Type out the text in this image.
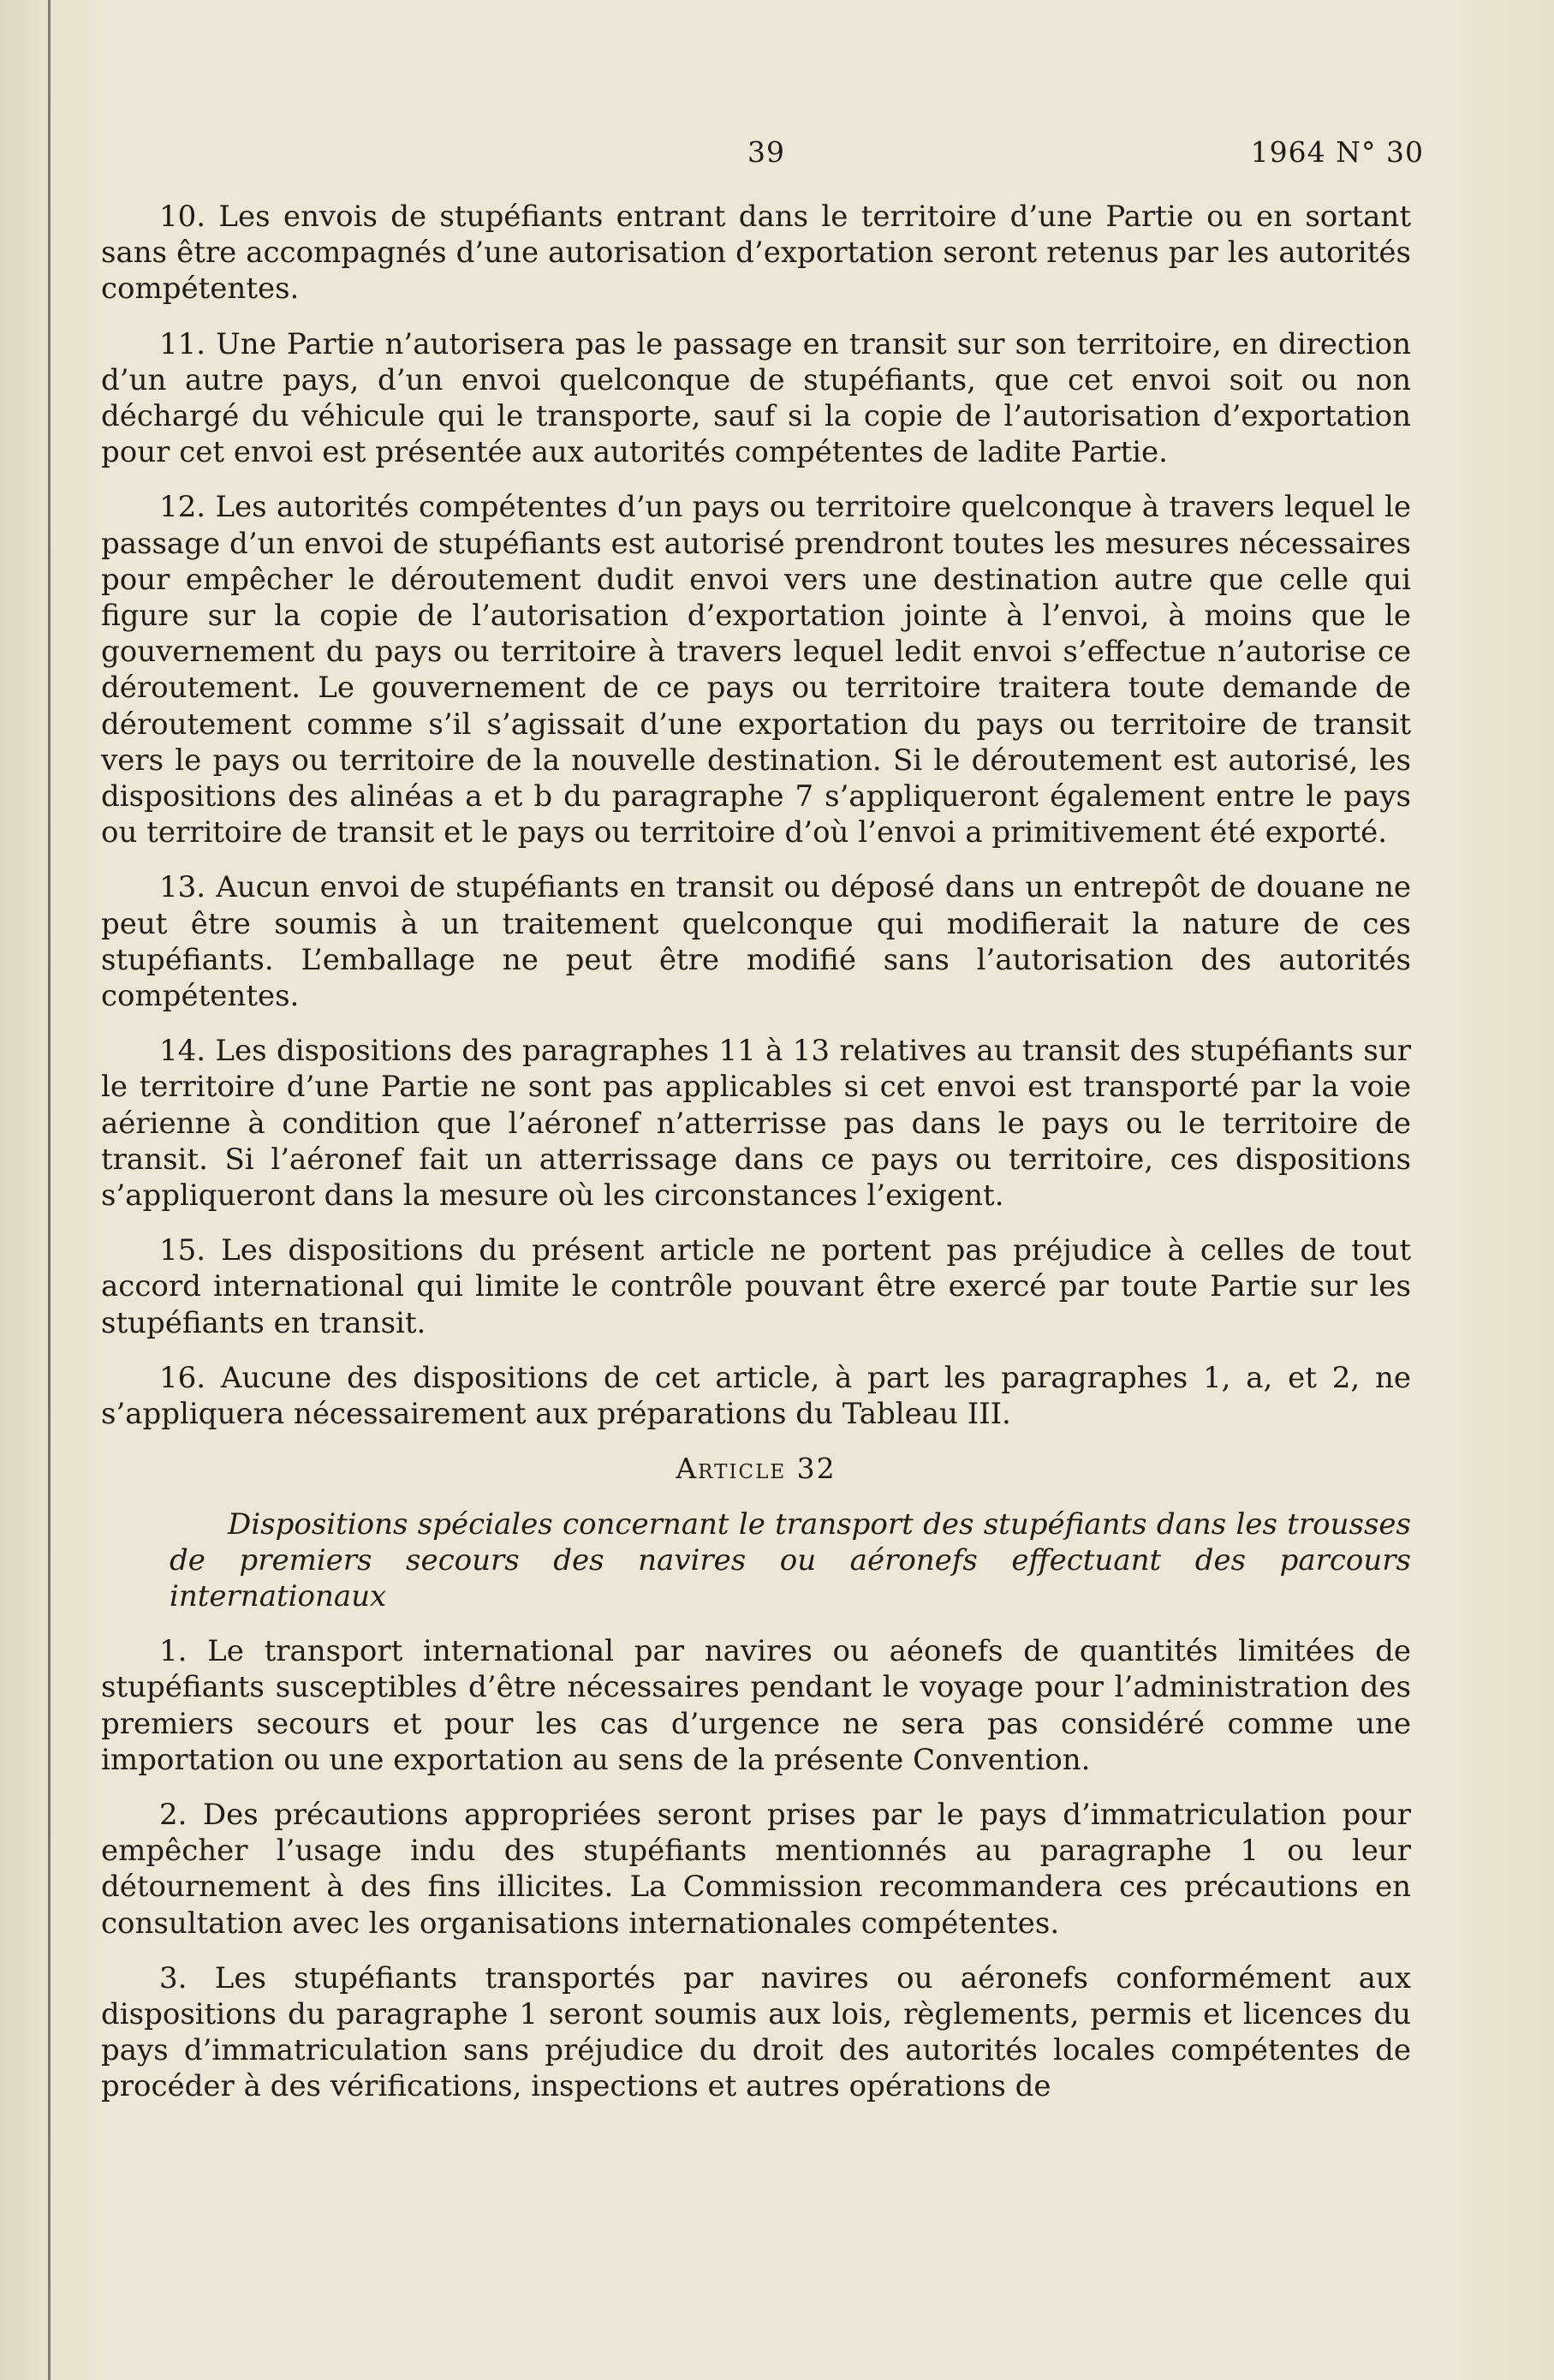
39	1964 N° 30

10. Les envois de stupéfiants entrant dans le territoire d’une Partie ou en sortant sans être accompagnés d’une autorisation d’exportation seront retenus par les autorités compétentes.

11. Une Partie n’autorisera pas le passage en transit sur son territoire, en direction d’un autre pays, d’un envoi quelconque de stupéfiants, que cet envoi soit ou non déchargé du véhicule qui le transporte, sauf si la copie de l’autorisation d’exportation pour cet envoi est présentée aux autorités compétentes de ladite Partie.

12. Les autorités compétentes d’un pays ou territoire quelconque à travers lequel le passage d’un envoi de stupéfiants est autorisé prendront toutes les mesures nécessaires pour empêcher le déroutement dudit envoi vers une destination autre que celle qui figure sur la copie de l’autorisation d’exportation jointe à l’envoi, à moins que le gouvernement du pays ou territoire à travers lequel ledit envoi s’effectue n’autorise ce déroutement. Le gouvernement de ce pays ou territoire traitera toute demande de déroutement comme s’il s’agissait d’une exportation du pays ou territoire de transit vers le pays ou territoire de la nouvelle destination. Si le déroutement est autorisé, les dispositions des alinéas a et b du paragraphe 7 s’appliqueront également entre le pays ou territoire de transit et le pays ou territoire d’où l’envoi a primitivement été exporté.

13. Aucun envoi de stupéfiants en transit ou déposé dans un entrepôt de douane ne peut être soumis à un traitement quelconque qui modifierait la nature de ces stupéfiants. L’emballage ne peut être modifié sans l’autorisation des autorités compétentes.

14. Les dispositions des paragraphes 11 à 13 relatives au transit des stupéfiants sur le territoire d’une Partie ne sont pas applicables si cet envoi est transporté par la voie aérienne à condition que l’aéronef n’atterrisse pas dans le pays ou le territoire de transit. Si l’aéronef fait un atterrissage dans ce pays ou territoire, ces dispositions s’appliqueront dans la mesure où les circonstances l’exigent.

15. Les dispositions du présent article ne portent pas préjudice à celles de tout accord international qui limite le contrôle pouvant être exercé par toute Partie sur les stupéfiants en transit.

16. Aucune des dispositions de cet article, à part les paragraphes 1, a, et 2, ne s’appliquera nécessairement aux préparations du Tableau III.

Article 32

Dispositions spéciales concernant le transport des stupéfiants dans les trousses de premiers secours des navires ou aéronefs effectuant des parcours internationaux

1. Le transport international par navires ou aéonefs de quantités limitées de stupéfiants susceptibles d’être nécessaires pendant le voyage pour l’administration des premiers secours et pour les cas d’urgence ne sera pas considéré comme une importation ou une exportation au sens de la présente Convention.

2. Des précautions appropriées seront prises par le pays d’immatriculation pour empêcher l’usage indu des stupéfiants mentionnés au paragraphe 1 ou leur détournement à des fins illicites. La Commission recommandera ces précautions en consultation avec les organisations internationales compétentes.

3. Les stupéfiants transportés par navires ou aéronefs conformément aux dispositions du paragraphe 1 seront soumis aux lois, règlements, permis et licences du pays d’immatriculation sans préjudice du droit des autorités locales compétentes de procéder à des vérifications, inspections et autres opérations de
